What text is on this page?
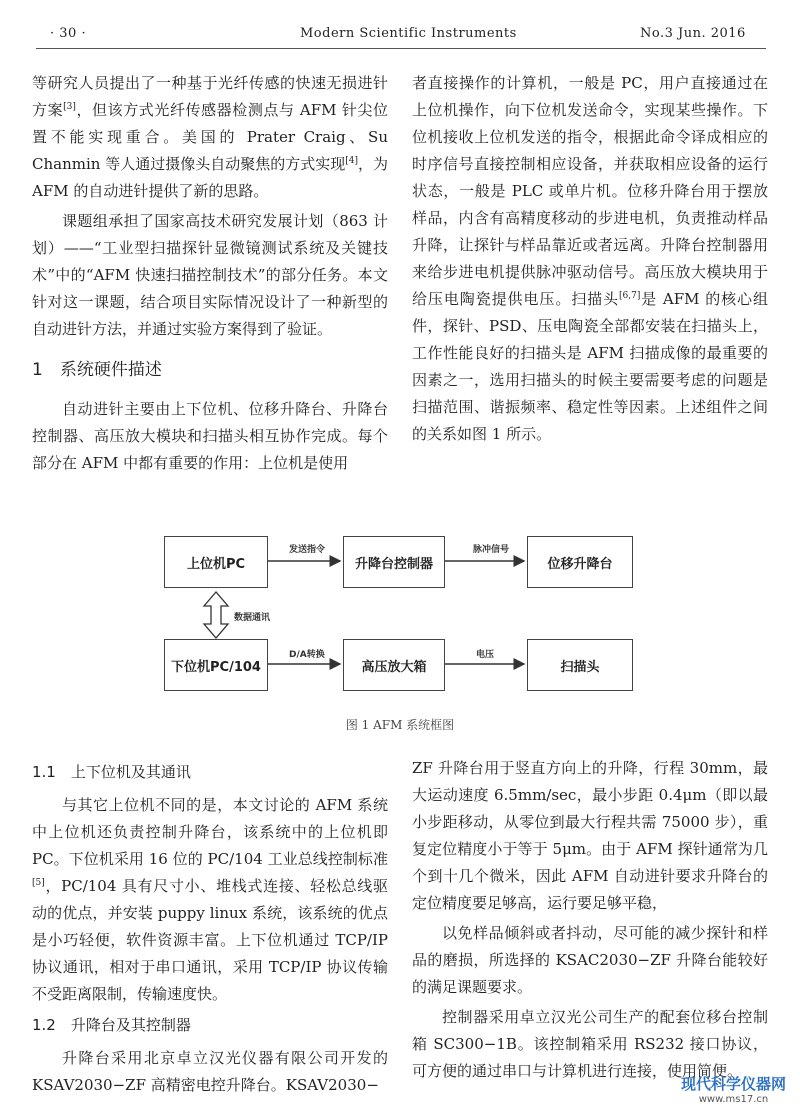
· 30 ·	Modern Scientific Instruments	No.3 Jun. 2016

等研究人员提出了一种基于光纤传感的快速无损进针方案[3]，但该方式光纤传感器检测点与 AFM 针尖位置不能实现重合。美国的 Prater Craig、Su Chanmin 等人通过摄像头自动聚焦的方式实现[4]，为 AFM 的自动进针提供了新的思路。

课题组承担了国家高技术研究发展计划（863 计划）——“工业型扫描探针显微镜测试系统及关键技术”中的“AFM 快速扫描控制技术”的部分任务。本文针对这一课题，结合项目实际情况设计了一种新型的自动进针方法，并通过实验方案得到了验证。

1　系统硬件描述

自动进针主要由上下位机、位移升降台、升降台控制器、高压放大模块和扫描头相互协作完成。每个部分在 AFM 中都有重要的作用：上位机是使用

者直接操作的计算机，一般是 PC，用户直接通过在上位机操作，向下位机发送命令，实现某些操作。下位机接收上位机发送的指令，根据此命令译成相应的时序信号直接控制相应设备，并获取相应设备的运行状态，一般是 PLC 或单片机。位移升降台用于摆放样品，内含有高精度移动的步进电机，负责推动样品升降，让探针与样品靠近或者远离。升降台控制器用来给步进电机提供脉冲驱动信号。高压放大模块用于给压电陶瓷提供电压。扫描头[6,7]是 AFM 的核心组件，探针、PSD、压电陶瓷全部都安装在扫描头上，工作性能良好的扫描头是 AFM 扫描成像的最重要的因素之一，选用扫描头的时候主要需要考虑的问题是扫描范围、谐振频率、稳定性等因素。上述组件之间的关系如图 1 所示。

上位机PC	升降台控制器	位移升降台
下位机PC/104	高压放大箱	扫描头
发送指令	脉冲信号
数据通讯
D/A转换	电压
图 1 AFM 系统框图
1.1　上下位机及其通讯

与其它上位机不同的是，本文讨论的 AFM 系统中上位机还负责控制升降台，该系统中的上位机即 PC。下位机采用 16 位的 PC/104 工业总线控制标准[5]，PC/104 具有尺寸小、堆栈式连接、轻松总线驱动的优点，并安装 puppy linux 系统，该系统的优点是小巧轻便，软件资源丰富。上下位机通过 TCP/IP 协议通讯，相对于串口通讯，采用 TCP/IP 协议传输不受距离限制，传输速度快。

1.2　升降台及其控制器

升降台采用北京卓立汉光仪器有限公司开发的 KSAV2030−ZF 高精密电控升降台。KSAV2030−

ZF 升降台用于竖直方向上的升降，行程 30mm，最大运动速度 6.5mm/sec，最小步距 0.4μm（即以最小步距移动，从零位到最大行程共需 75000 步），重复定位精度小于等于 5μm。由于 AFM 探针通常为几个到十几个微米，因此 AFM 自动进针要求升降台的定位精度要足够高，运行要足够平稳，

以免样品倾斜或者抖动，尽可能的减少探针和样品的磨损，所选择的 KSAC2030−ZF 升降台能较好的满足课题要求。

控制器采用卓立汉光公司生产的配套位移台控制箱 SC300−1B。该控制箱采用 RS232 接口协议，可方便的通过串口与计算机进行连接，使用简便。

现代科学仪器网
www.ms17.cn
